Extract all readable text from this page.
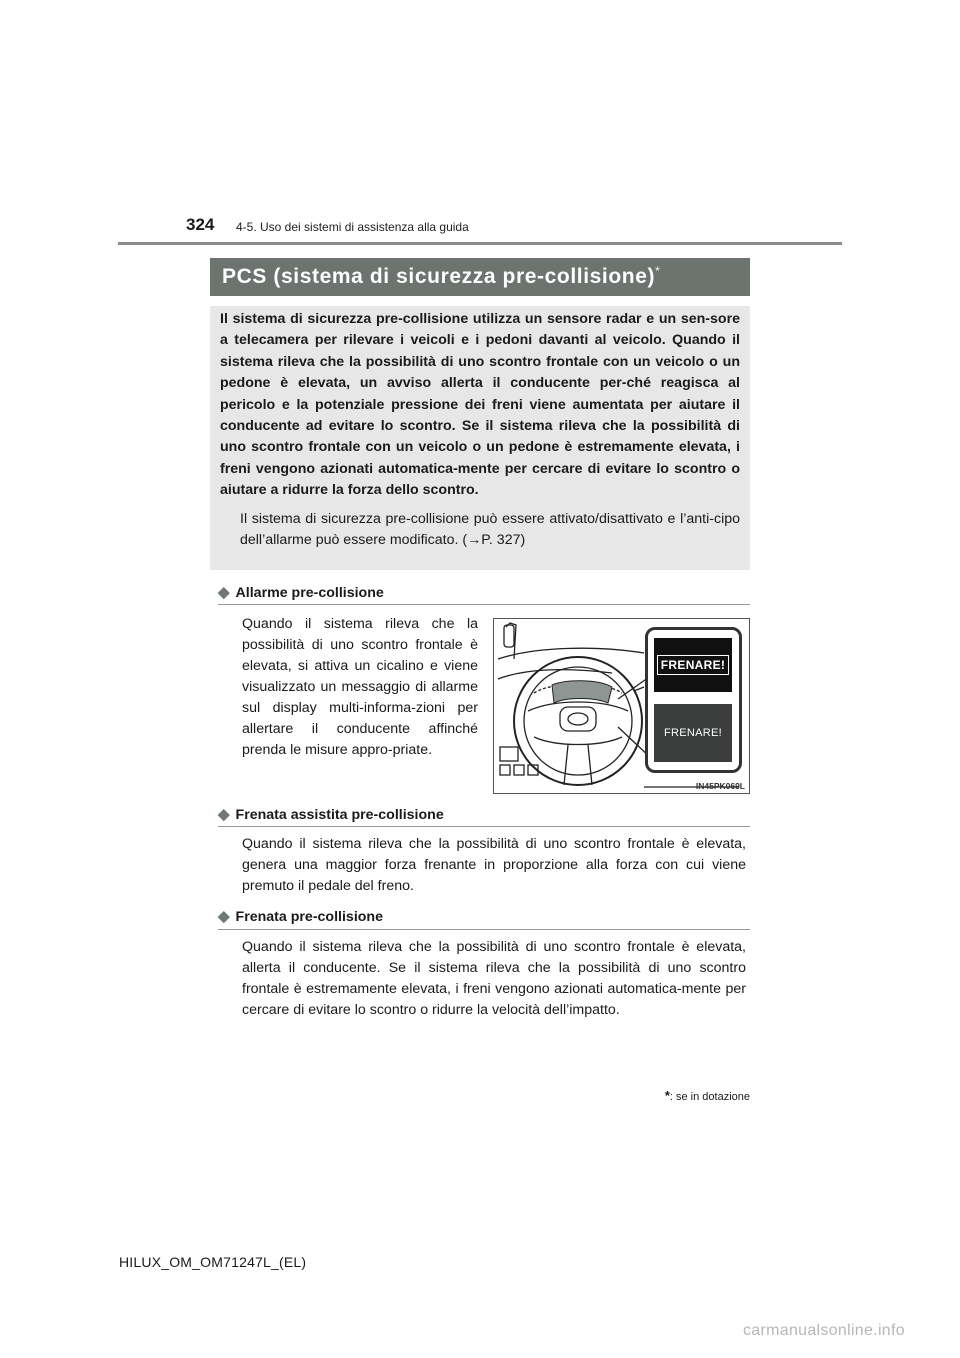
324 4-5. Uso dei sistemi di assistenza alla guida
PCS (sistema di sicurezza pre-collisione)*

Il sistema di sicurezza pre-collisione utilizza un sensore radar e un sen-sore a telecamera per rilevare i veicoli e i pedoni davanti al veicolo. Quando il sistema rileva che la possibilità di uno scontro frontale con un veicolo o un pedone è elevata, un avviso allerta il conducente per-ché reagisca al pericolo e la potenziale pressione dei freni viene aumentata per aiutare il conducente ad evitare lo scontro. Se il sistema rileva che la possibilità di uno scontro frontale con un veicolo o un pedone è estremamente elevata, i freni vengono azionati automatica-mente per cercare di evitare lo scontro o aiutare a ridurre la forza dello scontro.

Il sistema di sicurezza pre-collisione può essere attivato/disattivato e l’anti-cipo dell’allarme può essere modificato. (→P. 327)

◆ Allarme pre-collisione

Quando il sistema rileva che la possibilità di uno scontro frontale è elevata, si attiva un cicalino e viene visualizzato un messaggio di allarme sul display multi-informa-zioni per allertare il conducente affinché prenda le misure appro-priate.

FRENARE!
FRENARE!
IN45PK069L
◆ Frenata assistita pre-collisione

Quando il sistema rileva che la possibilità di uno scontro frontale è elevata, genera una maggior forza frenante in proporzione alla forza con cui viene premuto il pedale del freno.

◆ Frenata pre-collisione

Quando il sistema rileva che la possibilità di uno scontro frontale è elevata, allerta il conducente. Se il sistema rileva che la possibilità di uno scontro frontale è estremamente elevata, i freni vengono azionati automatica-mente per cercare di evitare lo scontro o ridurre la velocità dell’impatto.

*: se in dotazione
HILUX_OM_OM71247L_(EL)
carmanualsonline.info
